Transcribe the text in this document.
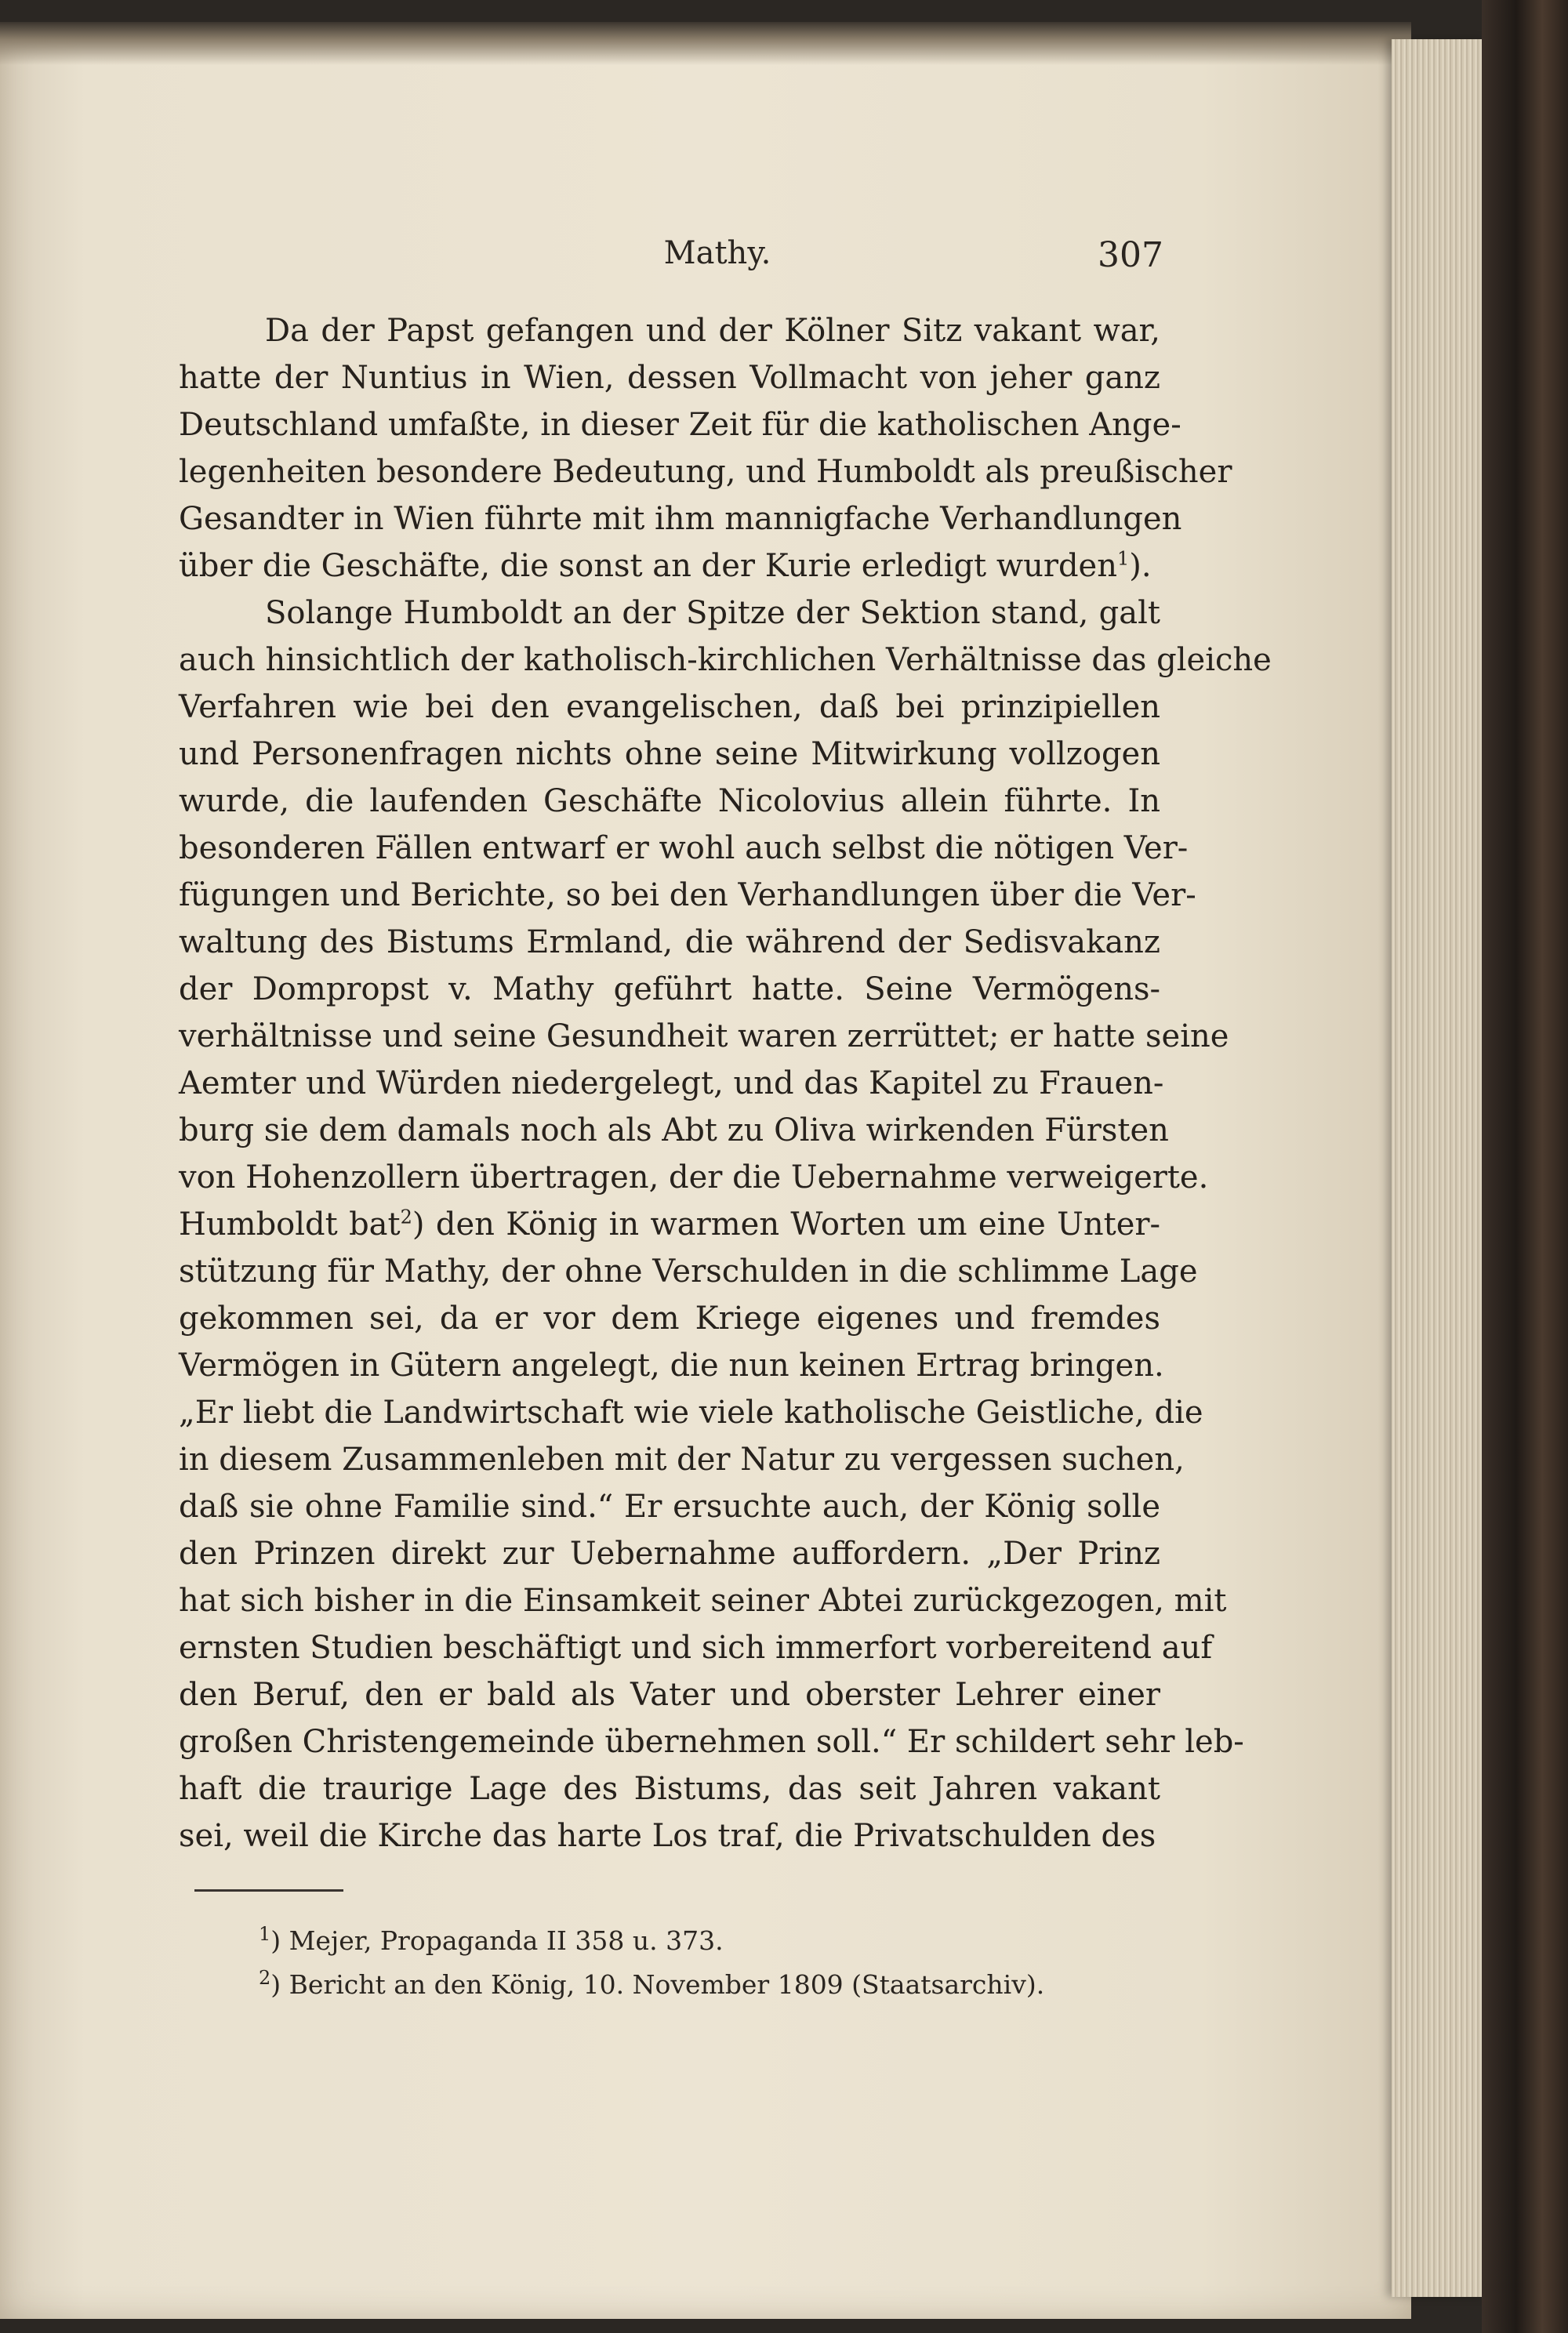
Mathy.	307
Da der Papst gefangen und der Kölner Sitz vakant war,
hatte der Nuntius in Wien, dessen Vollmacht von jeher ganz
Deutschland umfaßte, in dieser Zeit für die katholischen Ange-
legenheiten besondere Bedeutung, und Humboldt als preußischer
Gesandter in Wien führte mit ihm mannigfache Verhandlungen
über die Geschäfte, die sonst an der Kurie erledigt wurden$^1$).
Solange Humboldt an der Spitze der Sektion stand, galt
auch hinsichtlich der katholisch-kirchlichen Verhältnisse das gleiche
Verfahren wie bei den evangelischen, daß bei prinzipiellen
und Personenfragen nichts ohne seine Mitwirkung vollzogen
wurde, die laufenden Geschäfte Nicolovius allein führte. In
besonderen Fällen entwarf er wohl auch selbst die nötigen Ver-
fügungen und Berichte, so bei den Verhandlungen über die Ver-
waltung des Bistums Ermland, die während der Sedisvakanz
der Dompropst v. Mathy geführt hatte. Seine Vermögens-
verhältnisse und seine Gesundheit waren zerrüttet; er hatte seine
Aemter und Würden niedergelegt, und das Kapitel zu Frauen-
burg sie dem damals noch als Abt zu Oliva wirkenden Fürsten
von Hohenzollern übertragen, der die Uebernahme verweigerte.
Humboldt bat$^2$) den König in warmen Worten um eine Unter-
stützung für Mathy, der ohne Verschulden in die schlimme Lage
gekommen sei, da er vor dem Kriege eigenes und fremdes
Vermögen in Gütern angelegt, die nun keinen Ertrag bringen.
„Er liebt die Landwirtschaft wie viele katholische Geistliche, die
in diesem Zusammenleben mit der Natur zu vergessen suchen,
daß sie ohne Familie sind.“ Er ersuchte auch, der König solle
den Prinzen direkt zur Uebernahme auffordern. „Der Prinz
hat sich bisher in die Einsamkeit seiner Abtei zurückgezogen, mit
ernsten Studien beschäftigt und sich immerfort vorbereitend auf
den Beruf, den er bald als Vater und oberster Lehrer einer
großen Christengemeinde übernehmen soll.“ Er schildert sehr leb-
haft die traurige Lage des Bistums, das seit Jahren vakant
sei, weil die Kirche das harte Los traf, die Privatschulden des
$^1$) Mejer, Propaganda II 358 u. 373.
$^2$) Bericht an den König, 10. November 1809 (Staatsarchiv).
